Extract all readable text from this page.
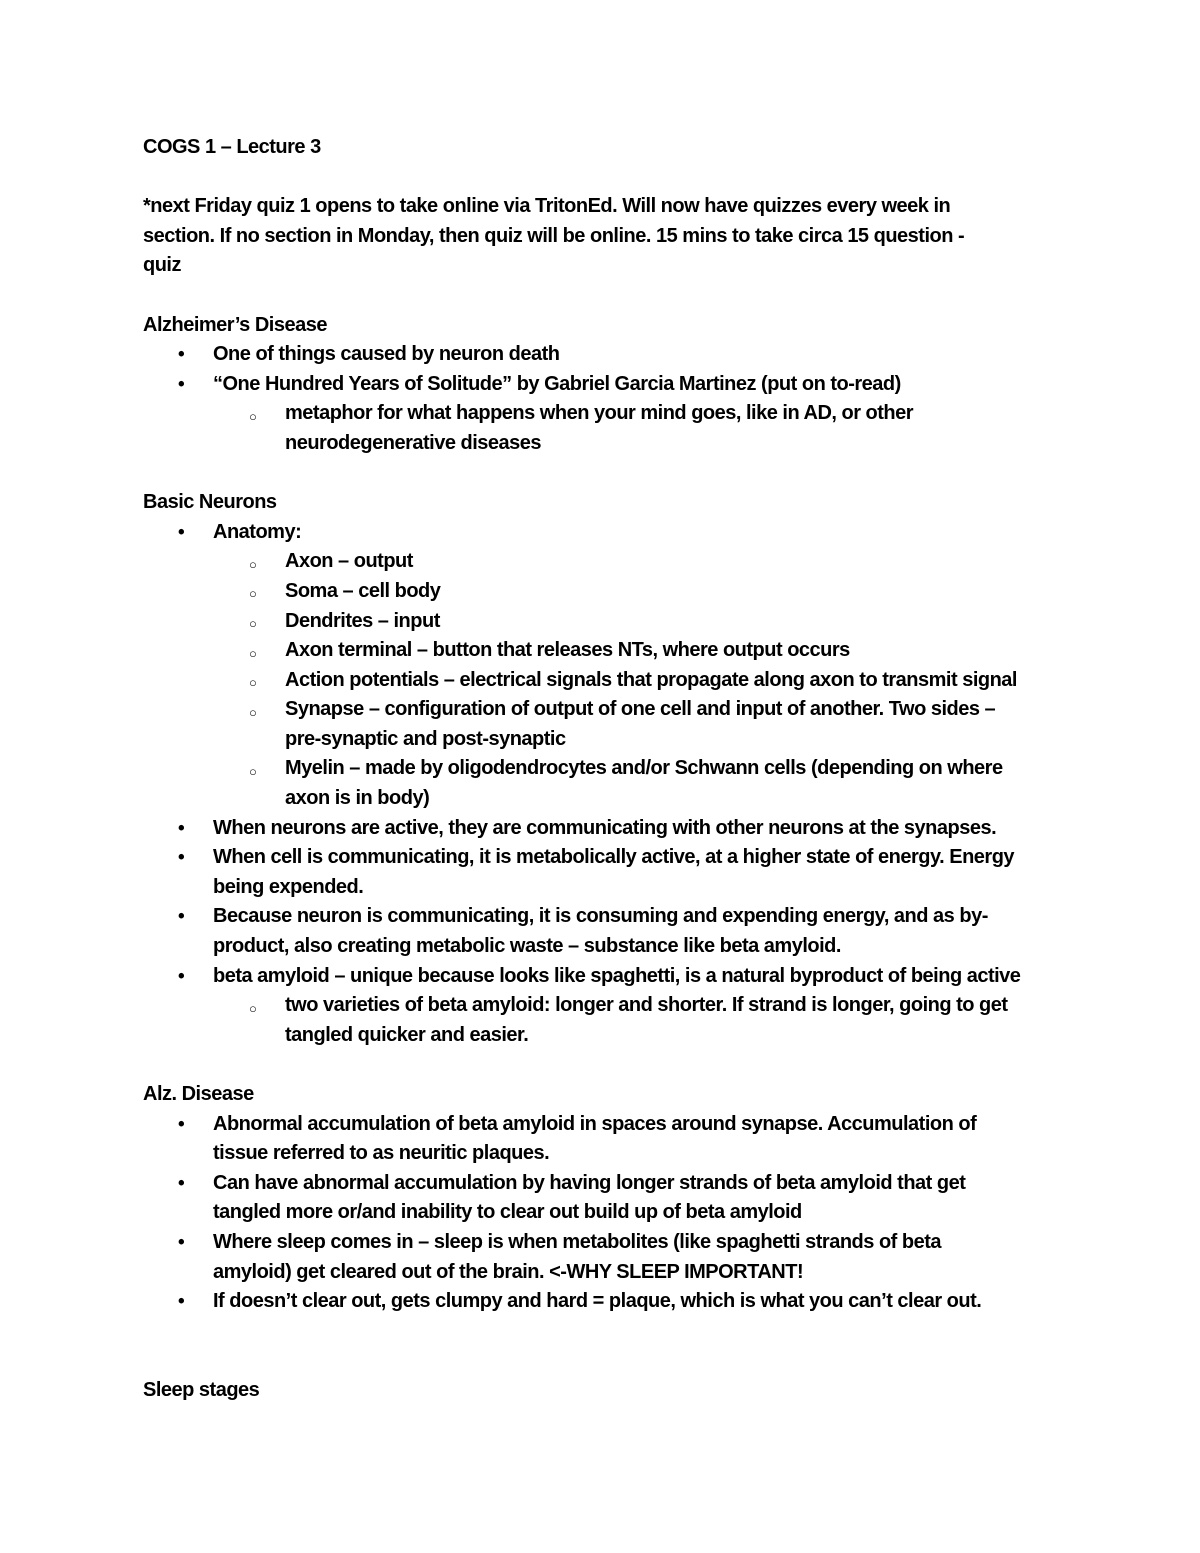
COGS 1 – Lecture 3
*next Friday quiz 1 opens to take online via TritonEd. Will now have quizzes every week in
section. If no section in Monday, then quiz will be online. 15 mins to take circa 15 question -
quiz
Alzheimer’s Disease
• One of things caused by neuron death
• “One Hundred Years of Solitude” by Gabriel Garcia Martinez (put on to-read)
○ metaphor for what happens when your mind goes, like in AD, or other
neurodegenerative diseases
Basic Neurons
• Anatomy:
○ Axon – output
○ Soma – cell body
○ Dendrites – input
○ Axon terminal – button that releases NTs, where output occurs
○ Action potentials – electrical signals that propagate along axon to transmit signal
○ Synapse – configuration of output of one cell and input of another. Two sides –
pre-synaptic and post-synaptic
○ Myelin – made by oligodendrocytes and/or Schwann cells (depending on where
axon is in body)
• When neurons are active, they are communicating with other neurons at the synapses.
• When cell is communicating, it is metabolically active, at a higher state of energy. Energy
being expended.
• Because neuron is communicating, it is consuming and expending energy, and as by-
product, also creating metabolic waste – substance like beta amyloid.
• beta amyloid – unique because looks like spaghetti, is a natural byproduct of being active
○ two varieties of beta amyloid: longer and shorter. If strand is longer, going to get
tangled quicker and easier.
Alz. Disease
• Abnormal accumulation of beta amyloid in spaces around synapse. Accumulation of
tissue referred to as neuritic plaques.
• Can have abnormal accumulation by having longer strands of beta amyloid that get
tangled more or/and inability to clear out build up of beta amyloid
• Where sleep comes in – sleep is when metabolites (like spaghetti strands of beta
amyloid) get cleared out of the brain. <-WHY SLEEP IMPORTANT!
• If doesn’t clear out, gets clumpy and hard = plaque, which is what you can’t clear out.
Sleep stages
